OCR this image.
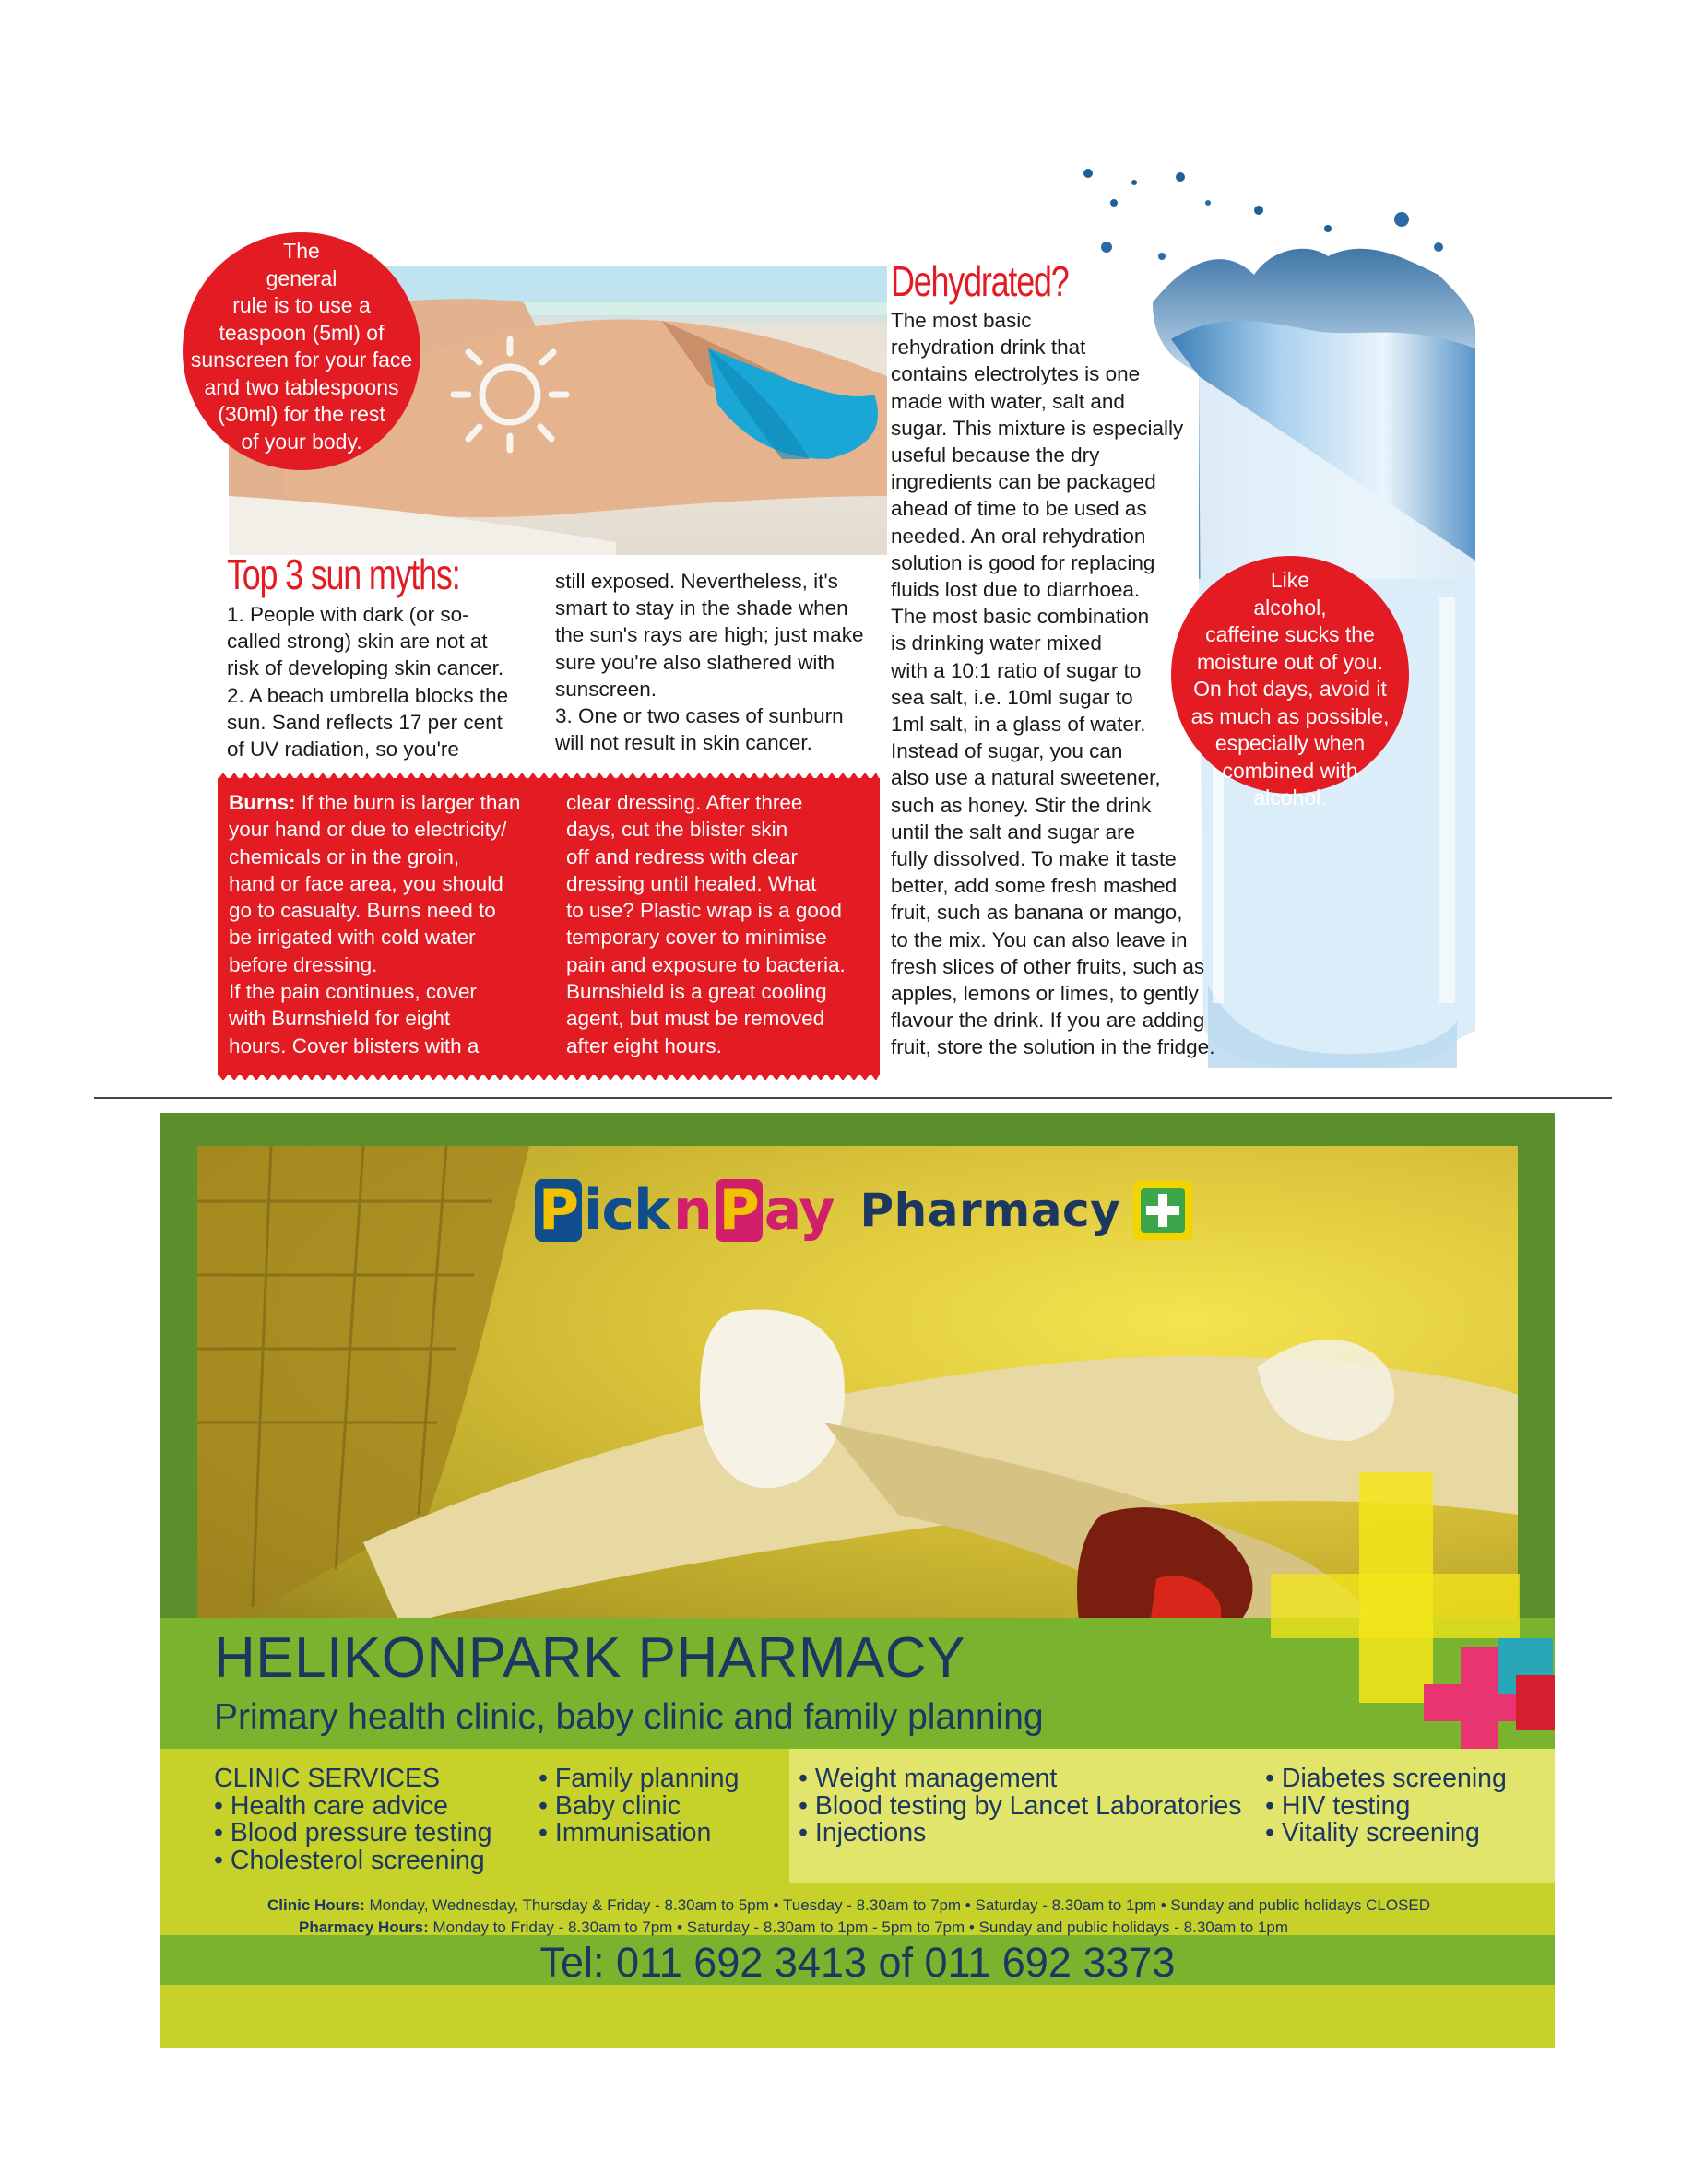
The
general
rule is to use a
teaspoon (5ml) of
sunscreen for your face
and two tablespoons
(30ml) for the rest
of your body.
Top 3 sun myths:
1. People with dark (or so-
called strong) skin are not at
risk of developing skin cancer.
2. A beach umbrella blocks the
sun. Sand reflects 17 per cent
of UV radiation, so you're
still exposed. Nevertheless, it's
smart to stay in the shade when
the sun's rays are high; just make
sure you're also slathered with
sunscreen.
3. One or two cases of sunburn
will not result in skin cancer.
Burns: If the burn is larger than
your hand or due to electricity/
chemicals or in the groin,
hand or face area, you should
go to casualty. Burns need to
be irrigated with cold water
before dressing.
If the pain continues, cover
with Burnshield for eight
hours. Cover blisters with a
clear dressing. After three
days, cut the blister skin
off and redress with clear
dressing until healed. What
to use? Plastic wrap is a good
temporary cover to minimise
pain and exposure to bacteria.
Burnshield is a great cooling
agent, but must be removed
after eight hours.
Dehydrated?
The most basic
rehydration drink that
contains electrolytes is one
made with water, salt and
sugar. This mixture is especially
useful because the dry
ingredients can be packaged
ahead of time to be used as
needed. An oral rehydration
solution is good for replacing
fluids lost due to diarrhoea.
The most basic combination
is drinking water mixed
with a 10:1 ratio of sugar to
sea salt, i.e. 10ml sugar to
1ml salt, in a glass of water.
Instead of sugar, you can
also use a natural sweetener,
such as honey. Stir the drink
until the salt and sugar are
fully dissolved. To make it taste
better, add some fresh mashed
fruit, such as banana or mango,
to the mix. You can also leave in
fresh slices of other fruits, such as
apples, lemons or limes, to gently
flavour the drink. If you are adding
fruit, store the solution in the fridge.
Like
alcohol,
caffeine sucks the
moisture out of you.
On hot days, avoid it
as much as possible,
especially when
combined with
alcohol.
P ick n P ay Pharmacy
HELIKONPARK PHARMACY
Primary health clinic, baby clinic and family planning
CLINIC SERVICES
• Health care advice
• Blood pressure testing
• Cholesterol screening
• Family planning
• Baby clinic
• Immunisation
• Weight management
• Blood testing by Lancet Laboratories
• Injections
• Diabetes screening
• HIV testing
• Vitality screening
Clinic Hours: Monday, Wednesday, Thursday & Friday - 8.30am to 5pm • Tuesday - 8.30am to 7pm • Saturday - 8.30am to 1pm • Sunday and public holidays CLOSED
Pharmacy Hours: Monday to Friday - 8.30am to 7pm • Saturday - 8.30am to 1pm - 5pm to 7pm • Sunday and public holidays - 8.30am to 1pm
Tel: 011 692 3413 of 011 692 3373
